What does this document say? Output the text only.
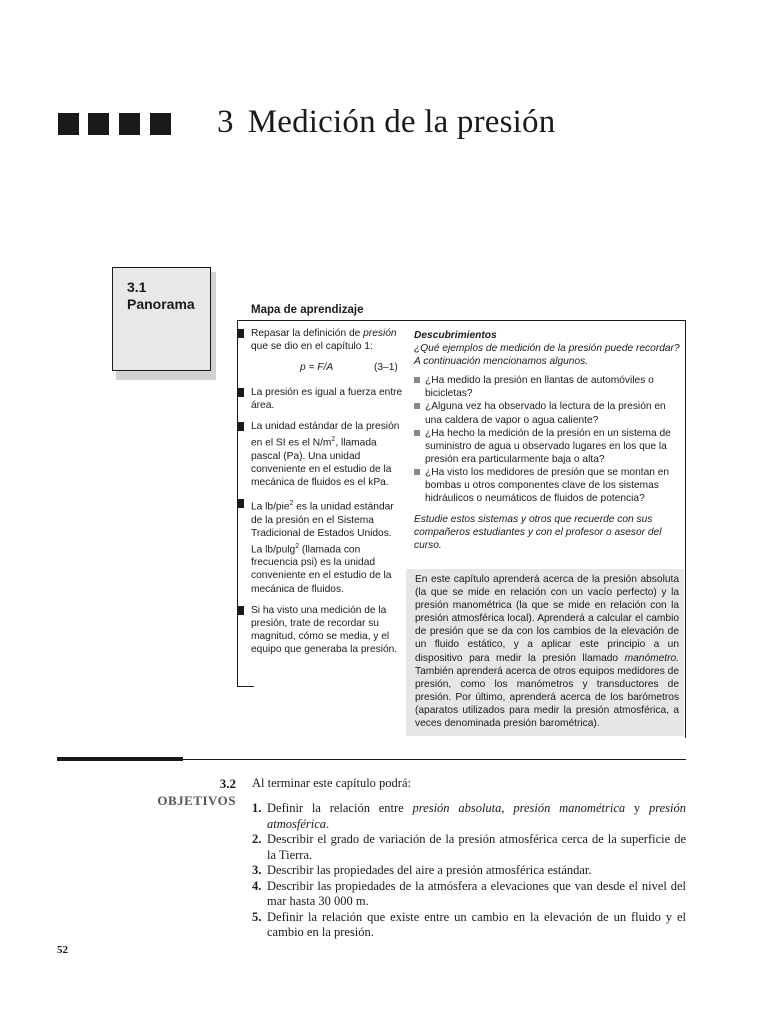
3 Medición de la presión
3.1
Panorama	Mapa de aprendizaje
Repasar la definición de presión que se dio en el capítulo 1:
p = F/A	(3–1)
La presión es igual a fuerza entre área.
La unidad estándar de la presión en el SI es el $N/m^2$, llamada pascal (Pa). Una unidad conveniente en el estudio de la mecánica de fluidos es el kPa.
La lb/pie$^2$ es la unidad estándar de la presión en el Sistema Tradicional de Estados Unidos. La lb/pulg$^2$ (llamada con frecuencia psi) es la unidad conveniente en el estudio de la mecánica de fluidos.
Si ha visto una medición de la presión, trate de recordar su magnitud, cómo se media, y el equipo que generaba la presión.
Descubrimientos
¿Qué ejemplos de medición de la presión puede recordar? A continuación mencionamos algunos.
¿Ha medido la presión en llantas de automóviles o bicicletas?
¿Alguna vez ha observado la lectura de la presión en una caldera de vapor o agua caliente?
¿Ha hecho la medición de la presión en un sistema de suministro de agua u observado lugares en los que la presión era particularmente baja o alta?
¿Ha visto los medidores de presión que se montan en bombas u otros componentes clave de los sistemas hidráulicos o neumáticos de fluidos de potencia?
Estudie estos sistemas y otros que recuerde con sus compañeros estudiantes y con el profesor o asesor del curso.
En este capítulo aprenderá acerca de la presión absoluta (la que se mide en relación con un vacío perfecto) y la presión manométrica (la que se mide en relación con la presión atmosférica local). Aprenderá a calcular el cambio de presión que se da con los cambios de la elevación de un fluido estático, y a aplicar este principio a un dispositivo para medir la presión llamado manómetro. También aprenderá acerca de otros equipos medidores de presión, como los manómetros y transductores de presión. Por último, aprenderá acerca de los barómetros (aparatos utilizados para medir la presión atmosférica, a veces denominada presión barométrica).
3.2
OBJETIVOS
Al terminar este capítulo podrá:
1. Definir la relación entre presión absoluta, presión manométrica y presión atmosférica.
2. Describir el grado de variación de la presión atmosférica cerca de la superficie de la Tierra.
3. Describir las propiedades del aire a presión atmosférica estándar.
4. Describir las propiedades de la atmósfera a elevaciones que van desde el nivel del mar hasta 30 000 m.
5. Definir la relación que existe entre un cambio en la elevación de un fluido y el cambio en la presión.
52
